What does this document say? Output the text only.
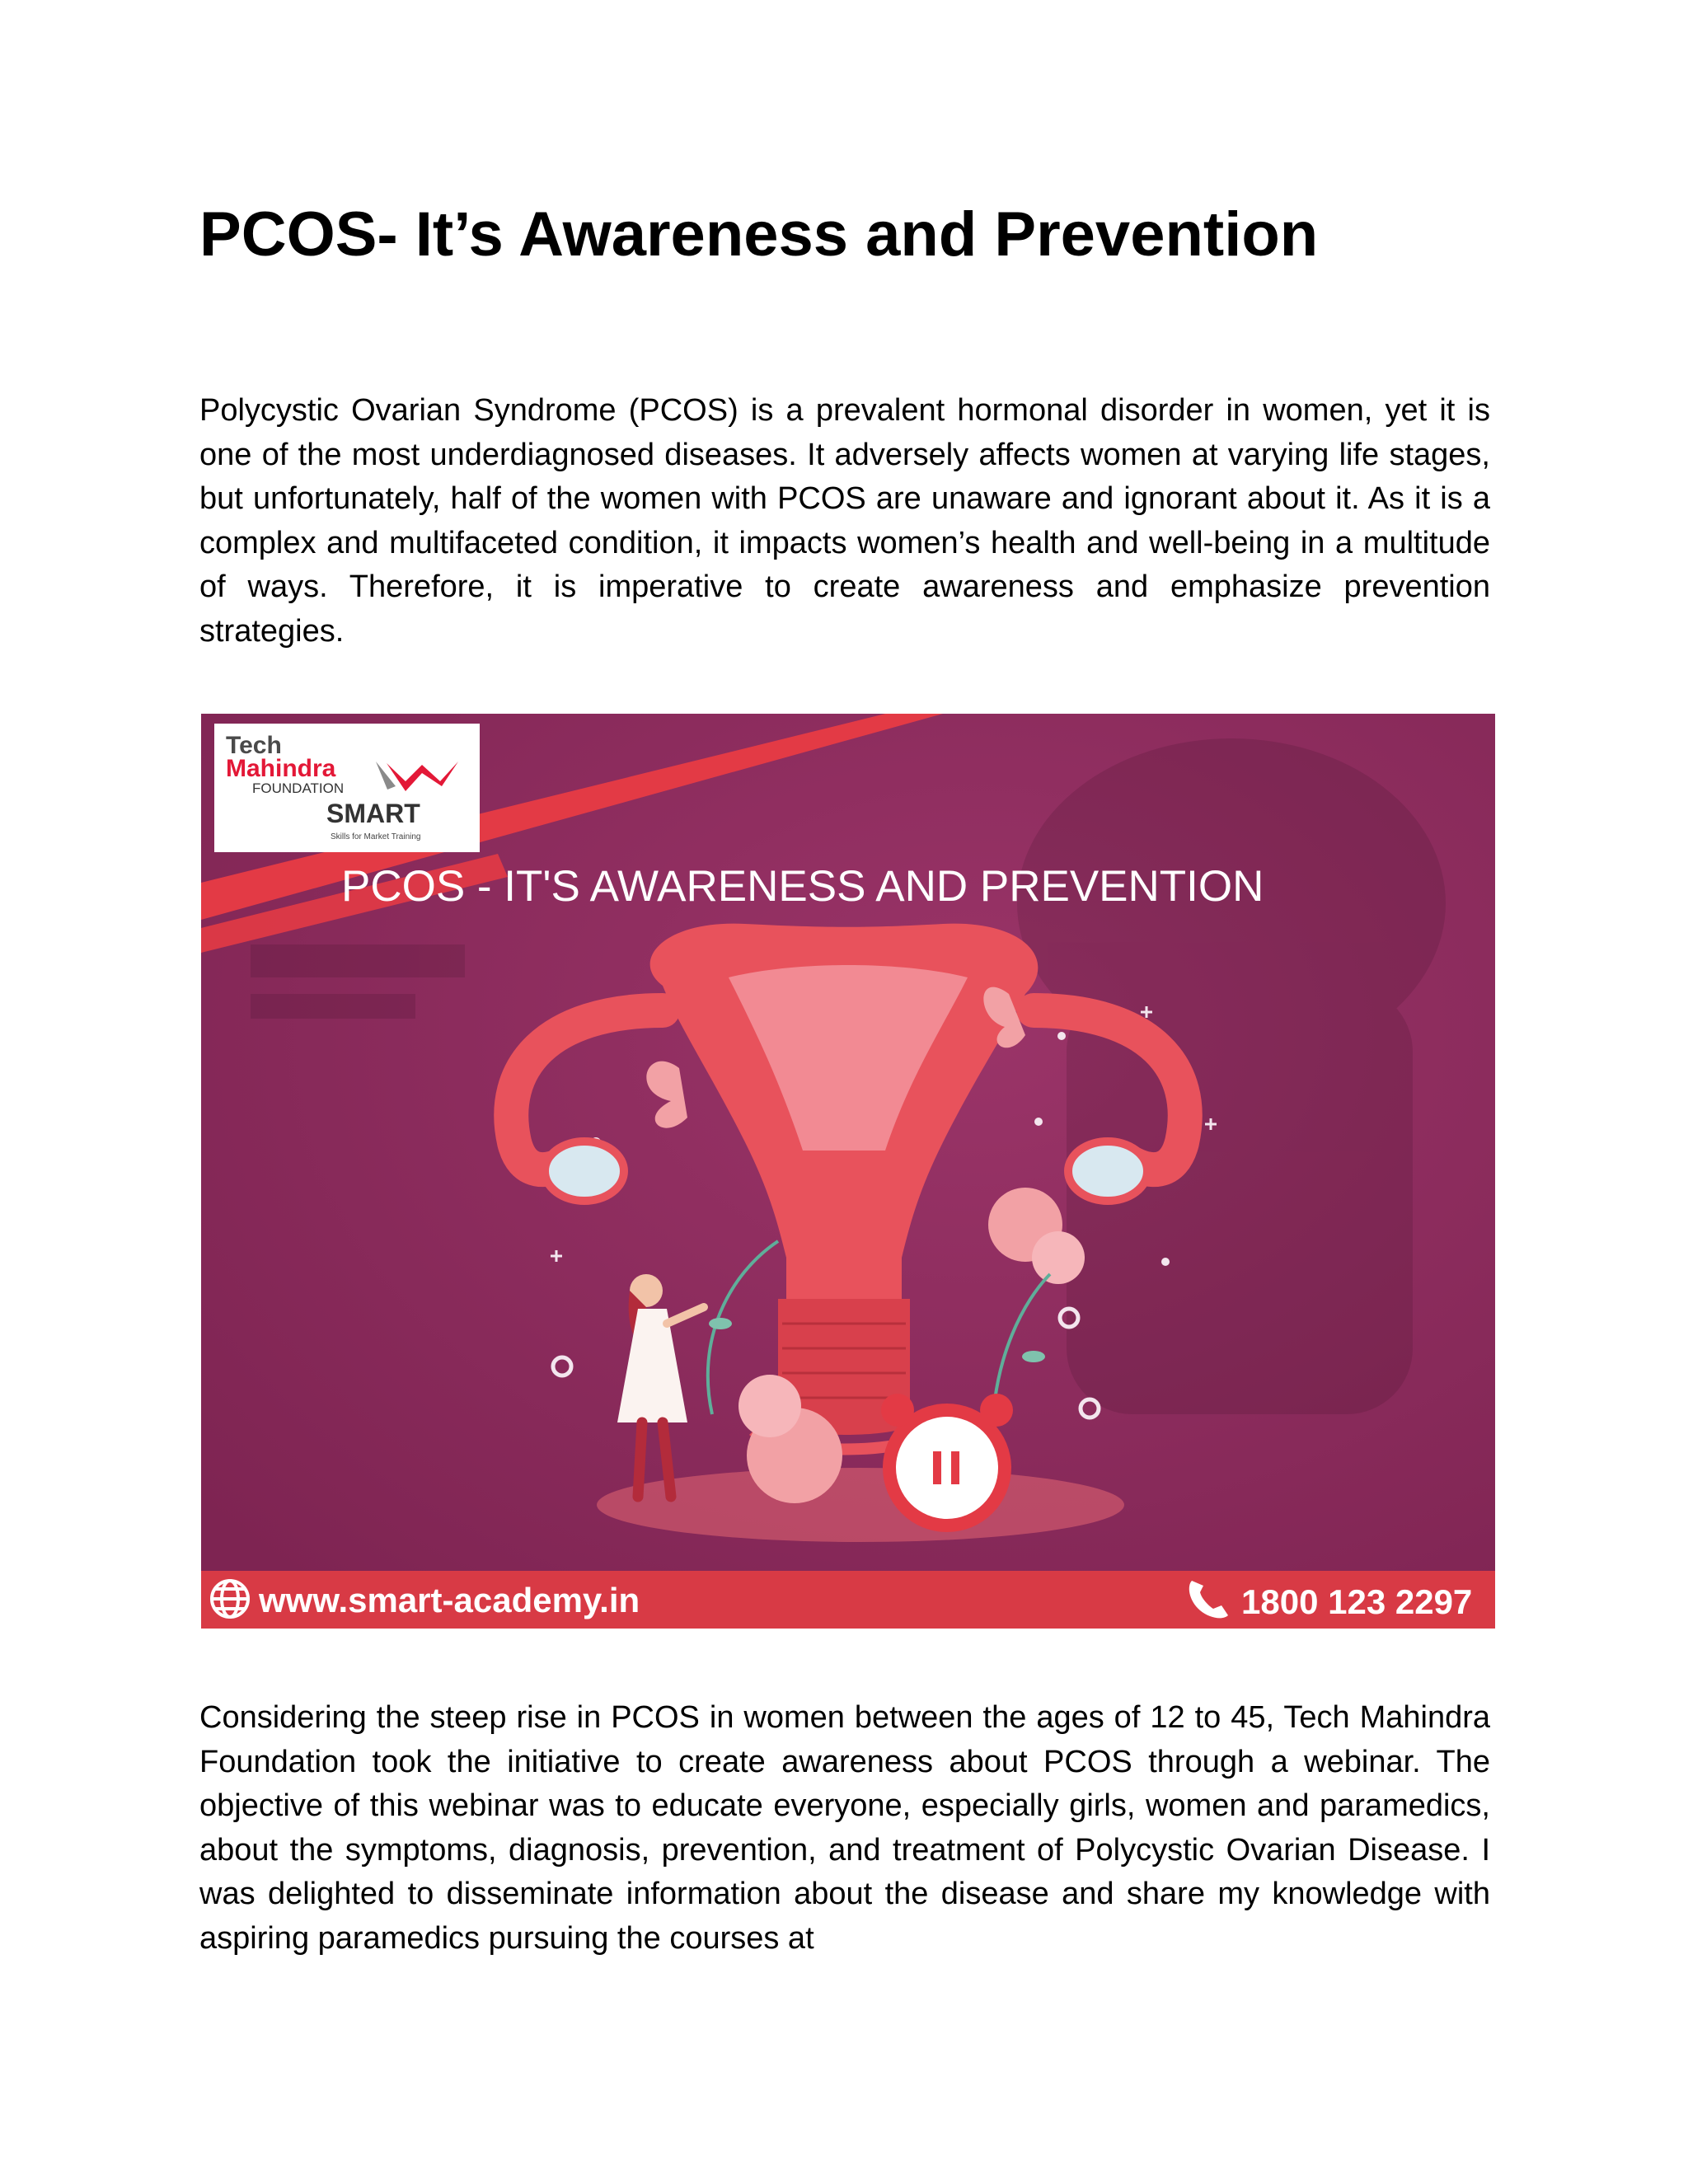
PCOS- It’s Awareness and Prevention

Polycystic Ovarian Syndrome (PCOS) is a prevalent hormonal disorder in women, yet it is one of the most underdiagnosed diseases. It adversely affects women at varying life stages, but unfortunately, half of the women with PCOS are unaware and ignorant about it. As it is a complex and multifaceted condition, it impacts women’s health and well-being in a multitude of ways. Therefore, it is imperative to create awareness and emphasize prevention strategies.

Tech
Mahindra
FOUNDATION
SMART
Skills for Market Training
PCOS - IT'S AWARENESS AND PREVENTION
www.smart-academy.in	1800 123 2297

Considering the steep rise in PCOS in women between the ages of 12 to 45, Tech Mahindra Foundation took the initiative to create awareness about PCOS through a webinar. The objective of this webinar was to educate everyone, especially girls, women and paramedics, about the symptoms, diagnosis, prevention, and treatment of Polycystic Ovarian Disease. I was delighted to disseminate information about the disease and share my knowledge with aspiring paramedics pursuing the courses at
